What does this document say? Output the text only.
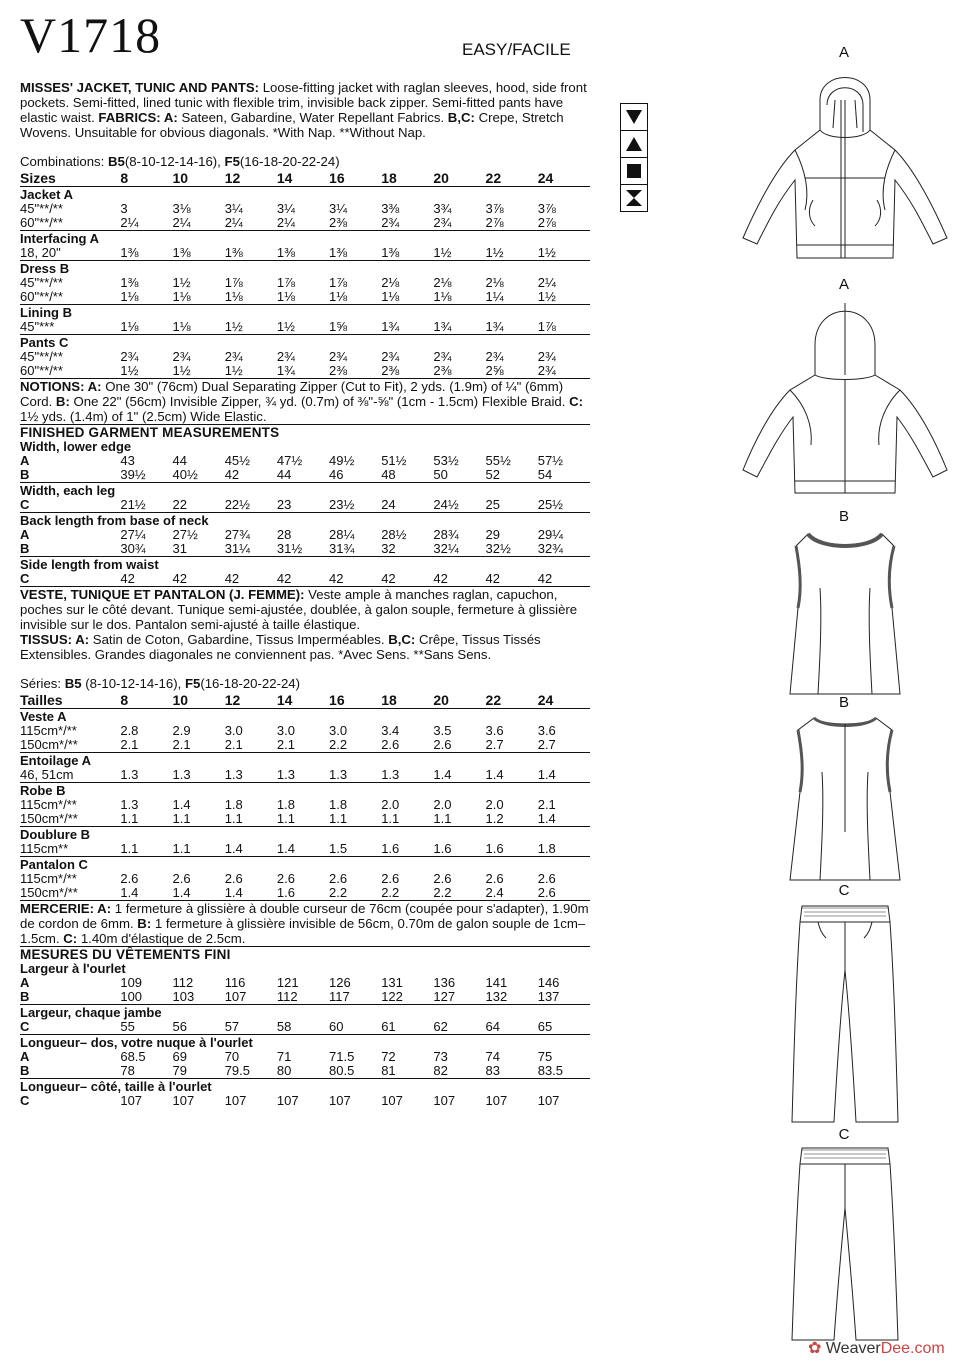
V1718	EASY/FACILE

MISSES' JACKET, TUNIC AND PANTS: Loose-fitting jacket with raglan sleeves, hood, side front pockets. Semi-fitted, lined tunic with flexible trim, invisible back zipper. Semi-fitted pants have elastic waist. FABRICS: A: Sateen, Gabardine, Water Repellant Fabrics. B,C: Crepe, Stretch Wovens. Unsuitable for obvious diagonals. *With Nap. **Without Nap.

Combinations: B5(8-10-12-14-16), F5(16-18-20-22-24)
Sizes	8	10	12	14	16	18	20	22	24
Jacket A									
45"**/**	3	3⅛	3¼	3¼	3¼	3⅜	3¾	3⅞	3⅞
60"**/**	2¼	2¼	2¼	2¼	2⅜	2¾	2¾	2⅞	2⅞
Interfacing A									
18, 20"	1⅜	1⅜	1⅜	1⅜	1⅜	1⅜	1½	1½	1½
Dress B									
45"**/**	1⅜	1½	1⅞	1⅞	1⅞	2⅛	2⅛	2⅛	2¼
60"**/**	1⅛	1⅛	1⅛	1⅛	1⅛	1⅛	1⅛	1¼	1½
Lining B									
45"***	1⅛	1⅛	1½	1½	1⅝	1¾	1¾	1¾	1⅞
Pants C									
45"**/**	2¾	2¾	2¾	2¾	2¾	2¾	2¾	2¾	2¾
60"**/**	1½	1½	1½	1¾	2⅜	2⅜	2⅜	2⅝	2¾

NOTIONS: A: One 30" (76cm) Dual Separating Zipper (Cut to Fit), 2 yds. (1.9m) of ¼" (6mm) Cord. B: One 22" (56cm) Invisible Zipper, ¾ yd. (0.7m) of ⅜"-⅝" (1cm - 1.5cm) Flexible Braid. C: 1½ yds. (1.4m) of 1" (2.5cm) Wide Elastic.

FINISHED GARMENT MEASUREMENTS
Width, lower edge									
A	43	44	45½	47½	49½	51½	53½	55½	57½
B	39½	40½	42	44	46	48	50	52	54
Width, each leg									
C	21½	22	22½	23	23½	24	24½	25	25½
Back length from base of neck									
A	27¼	27½	27¾	28	28¼	28½	28¾	29	29¼
B	30¾	31	31¼	31½	31¾	32	32¼	32½	32¾
Side length from waist									
C	42	42	42	42	42	42	42	42	42

VESTE, TUNIQUE ET PANTALON (J. FEMME): Veste ample à manches raglan, capuchon, poches sur le côté devant. Tunique semi-ajustée, doublée, à galon souple, fermeture à glissière invisible sur le dos. Pantalon semi-ajusté à taille élastique.
TISSUS: A: Satin de Coton, Gabardine, Tissus Imperméables. B,C: Crêpe, Tissus Tissés Extensibles. Grandes diagonales ne conviennent pas. *Avec Sens. **Sans Sens.

Séries: B5 (8-10-12-14-16), F5(16-18-20-22-24)
Tailles	8	10	12	14	16	18	20	22	24
Veste A									
115cm*/**	2.8	2.9	3.0	3.0	3.0	3.4	3.5	3.6	3.6
150cm*/**	2.1	2.1	2.1	2.1	2.2	2.6	2.6	2.7	2.7
Entoilage A									
46, 51cm	1.3	1.3	1.3	1.3	1.3	1.3	1.4	1.4	1.4
Robe B									
115cm*/**	1.3	1.4	1.8	1.8	1.8	2.0	2.0	2.0	2.1
150cm*/**	1.1	1.1	1.1	1.1	1.1	1.1	1.1	1.2	1.4
Doublure B									
115cm**	1.1	1.1	1.4	1.4	1.5	1.6	1.6	1.6	1.8
Pantalon C									
115cm*/**	2.6	2.6	2.6	2.6	2.6	2.6	2.6	2.6	2.6
150cm*/**	1.4	1.4	1.4	1.6	2.2	2.2	2.2	2.4	2.6

MERCERIE: A: 1 fermeture à glissière à double curseur de 76cm (coupée pour s'adapter), 1.90m de cordon de 6mm. B: 1 fermeture à glissière invisible de 56cm, 0.70m de galon souple de 1cm–1.5cm. C: 1.40m d'élastique de 2.5cm.

MESURES DU VÊTEMENTS FINI
Largeur à l'ourlet									
A	109	112	116	121	126	131	136	141	146
B	100	103	107	112	117	122	127	132	137
Largeur, chaque jambe									
C	55	56	57	58	60	61	62	64	65
Longueur– dos, votre nuque à l'ourlet									
A	68.5	69	70	71	71.5	72	73	74	75
B	78	79	79.5	80	80.5	81	82	83	83.5
Longueur– côté, taille à l'ourlet									
C	107	107	107	107	107	107	107	107	107
A
A
B
B
C
C
✿ WeaverDee.com
